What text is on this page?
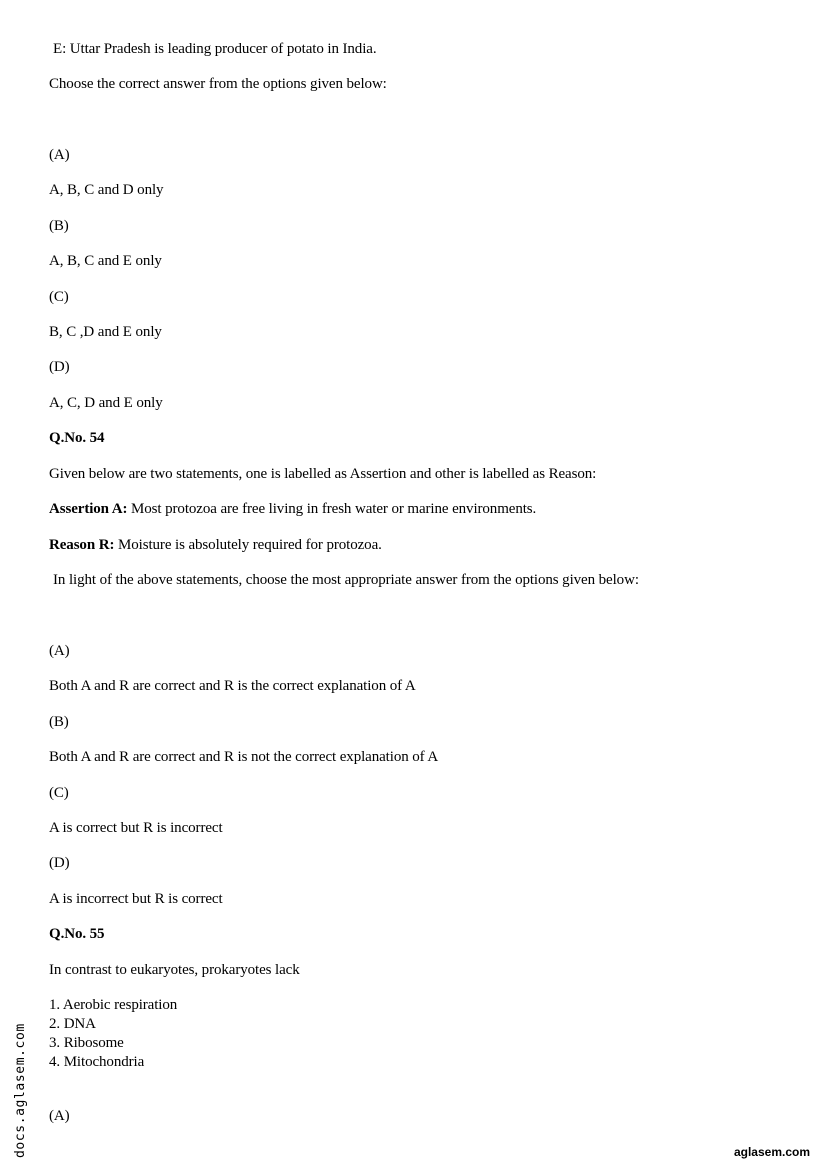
E: Uttar Pradesh is leading producer of potato in India.
Choose the correct answer from the options given below:
(A)
A, B, C and D only
(B)
A, B, C and E only
(C)
B, C ,D and E only
(D)
A, C, D and E only
Q.No. 54
Given below are two statements, one is labelled as Assertion and other is labelled as Reason:
Assertion A: Most protozoa are free living in fresh water or marine environments.
Reason R: Moisture is absolutely required for protozoa.
In light of the above statements, choose the most appropriate answer from the options given below:
(A)
Both A and R are correct and R is the correct explanation of A
(B)
Both A and R are correct and R is not the correct explanation of A
(C)
A is correct but R is incorrect
(D)
A is incorrect but R is correct
Q.No. 55
In contrast to eukaryotes, prokaryotes lack
1. Aerobic respiration
2. DNA
3. Ribosome
4. Mitochondria
(A)
docs.aglasem.com	aglasem.com
